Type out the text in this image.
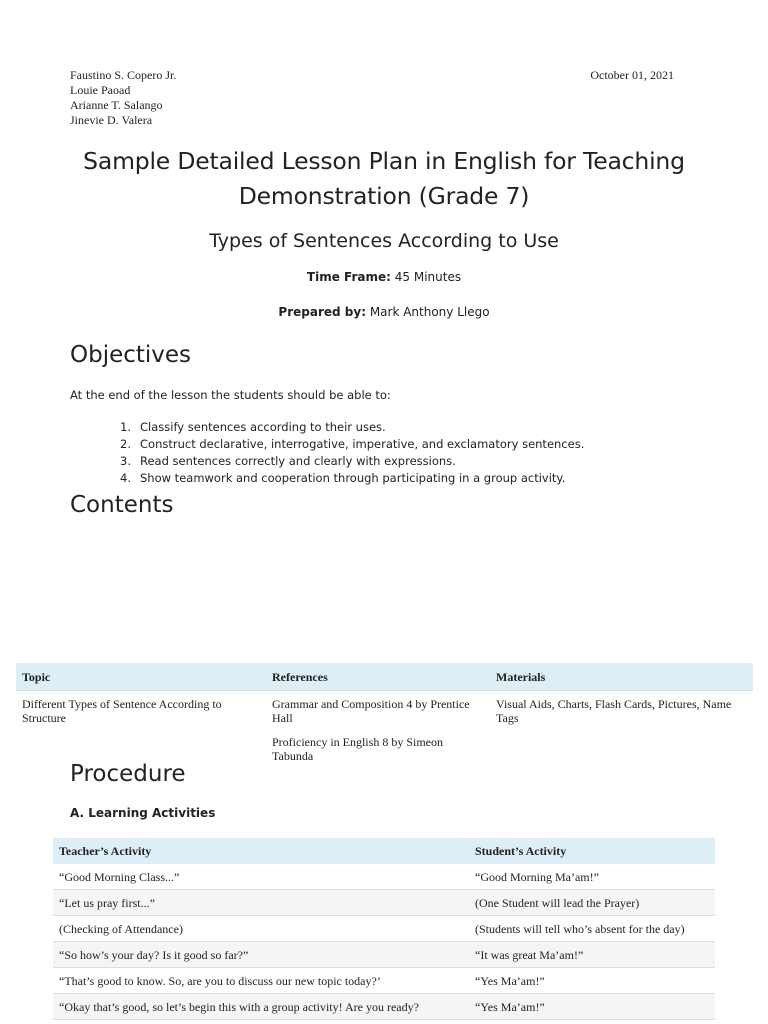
Faustino S. Copero Jr.
Louie Paoad
Arianne T. Salango
Jinevie D. Valera
October 01, 2021
Sample Detailed Lesson Plan in English for Teaching
Demonstration (Grade 7)
Types of Sentences According to Use
Time Frame: 45 Minutes
Prepared by: Mark Anthony Llego
Objectives
At the end of the lesson the students should be able to:
1. Classify sentences according to their uses.
2. Construct declarative, interrogative, imperative, and exclamatory sentences.
3. Read sentences correctly and clearly with expressions.
4. Show teamwork and cooperation through participating in a group activity.
Contents
Topic	References	Materials
Different Types of Sentence According to Structure	Grammar and Composition 4 by Prentice Hall	Visual Aids, Charts, Flash Cards, Pictures, Name Tags
	Proficiency in English 8 by Simeon Tabunda	
Procedure
A. Learning Activities
Teacher’s Activity	Student’s Activity
“Good Morning Class...”	“Good Morning Ma’am!”
“Let us pray first...”	(One Student will lead the Prayer)
(Checking of Attendance)	(Students will tell who’s absent for the day)
“So how’s your day? Is it good so far?”	“It was great Ma’am!”
“That’s good to know. So, are you to discuss our new topic today?’	“Yes Ma’am!”
“Okay that’s good, so let’s begin this with a group activity! Are you ready?	“Yes Ma’am!”
